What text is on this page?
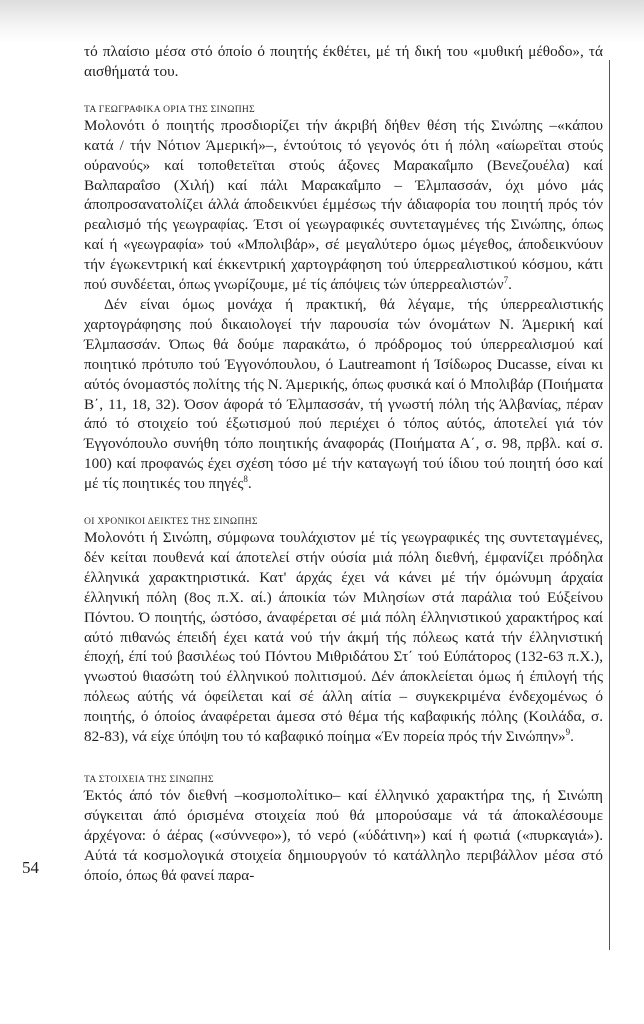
54

τό πλαίσιο μέσα στό όποίο ό ποιητής έκθέτει, μέ τή δική του «μυθική μέθοδο», τά αισθήματά του.

ΤΑ ΓΕΩΓΡΑΦΙΚΑ ΟΡΙΑ ΤΗΣ ΣΙΝΩΠΗΣ

Μολονότι ό ποιητής προσδιορίζει τήν άκριβή δήθεν θέση τής Σινώπης –«κάπου κατά / τήν Νότιον Άμερική»–, έντούτοις τό γεγονός ότι ή πόλη «αίωρεϊται στούς ούρανούς» καί τοποθετεϊται στούς άξονες Μαρακαΐμπο (Βενεζουέλα) καί Βαλπαραΐσο (Χιλή) καί πάλι Μαρακαΐμπο – Έλμπασσάν, όχι μόνο μάς άποπροσανατολίζει άλλά άποδεικνύει έμμέσως τήν άδιαφορία του ποιητή πρός τόν ρεαλισμό τής γεωγραφίας. Έτσι οί γεωγραφικές συντεταγμένες τής Σινώπης, όπως καί ή «γεωγραφία» τού «Μπολιβάρ», σέ μεγαλύτερο όμως μέγεθος, άποδεικνύουν τήν έγωκεντρική καί έκκεντρική χαρτογράφηση τού ύπερρεαλιστικού κόσμου, κάτι πού συνδέεται, όπως γνωρίζουμε, μέ τίς άπόψεις τών ύπερρεαλιστών$^7$.

Δέν είναι όμως μονάχα ή πρακτική, θά λέγαμε, τής ύπερρεαλιστικής χαρτογράφησης πού δικαιολογεί τήν παρουσία τών όνομάτων Ν. Άμερική καί Έλμπασσάν. Όπως θά δούμε παρακάτω, ό πρόδρομος τού ύπερρεαλισμού καί ποιητικό πρότυπο τού Έγγονόπουλου, ό Lautreamont ή Ίσίδωρος Ducasse, είναι κι αύτός όνομαστός πολίτης τής Ν. Άμερικής, όπως φυσικά καί ό Μπολιβάρ (Ποιήματα Β΄, 11, 18, 32). Όσον άφορά τό Έλμπασσάν, τή γνωστή πόλη τής Άλβανίας, πέραν άπό τό στοιχείο τού έξωτισμού πού περιέχει ό τόπος αύτός, άποτελεί γιά τόν Έγγονόπουλο συνήθη τόπο ποιητικής άναφοράς (Ποιήματα Α΄, σ. 98, πρβλ. καί σ. 100) καί προφανώς έχει σχέση τόσο μέ τήν καταγωγή τού ίδιου τού ποιητή όσο καί μέ τίς ποιητικές του πηγές$^8$.

ΟΙ ΧΡΟΝΙΚΟΙ ΔΕΙΚΤΕΣ ΤΗΣ ΣΙΝΩΠΗΣ

Μολονότι ή Σινώπη, σύμφωνα τουλάχιστον μέ τίς γεωγραφικές της συντεταγμένες, δέν κείται πουθενά καί άποτελεί στήν ούσία μιά πόλη διεθνή, έμφανίζει πρόδηλα έλληνικά χαρακτηριστικά. Κατ' άρχάς έχει νά κάνει μέ τήν όμώνυμη άρχαία έλληνική πόλη (8ος π.Χ. αί.) άποικία τών Μιλησίων στά παράλια τού Εύξείνου Πόντου. Ό ποιητής, ώστόσο, άναφέρεται σέ μιά πόλη έλληνιστικού χαρακτήρος καί αύτό πιθανώς έπειδή έχει κατά νού τήν άκμή τής πόλεως κατά τήν έλληνιστική έποχή, έπί τού βασιλέως τού Πόντου Μιθριδάτου Στ΄ τού Εύπάτορος (132-63 π.Χ.), γνωστού θιασώτη τού έλληνικού πολιτισμού. Δέν άποκλείεται όμως ή έπιλογή τής πόλεως αύτής νά όφείλεται καί σέ άλλη αίτία – συγκεκριμένα ένδεχομένως ό ποιητής, ό όποίος άναφέρεται άμεσα στό θέμα τής καβαφικής πόλης (Κοιλάδα, σ. 82-83), νά είχε ύπόψη του τό καβαφικό ποίημα «Έν πορεία πρός τήν Σινώπην»$^9$.

ΤΑ ΣΤΟΙΧΕΙΑ ΤΗΣ ΣΙΝΩΠΗΣ

Έκτός άπό τόν διεθνή –κοσμοπολίτικο– καί έλληνικό χαρακτήρα της, ή Σινώπη σύγκειται άπό όρισμένα στοιχεία πού θά μπορούσαμε νά τά άποκαλέσουμε άρχέγονα: ό άέρας («σύννεφο»), τό νερό («ύδάτινη») καί ή φωτιά («πυρκαγιά»). Αύτά τά κοσμολογικά στοιχεία δημιουργούν τό κατάλληλο περιβάλλον μέσα στό όποίο, όπως θά φανεί παρα-
